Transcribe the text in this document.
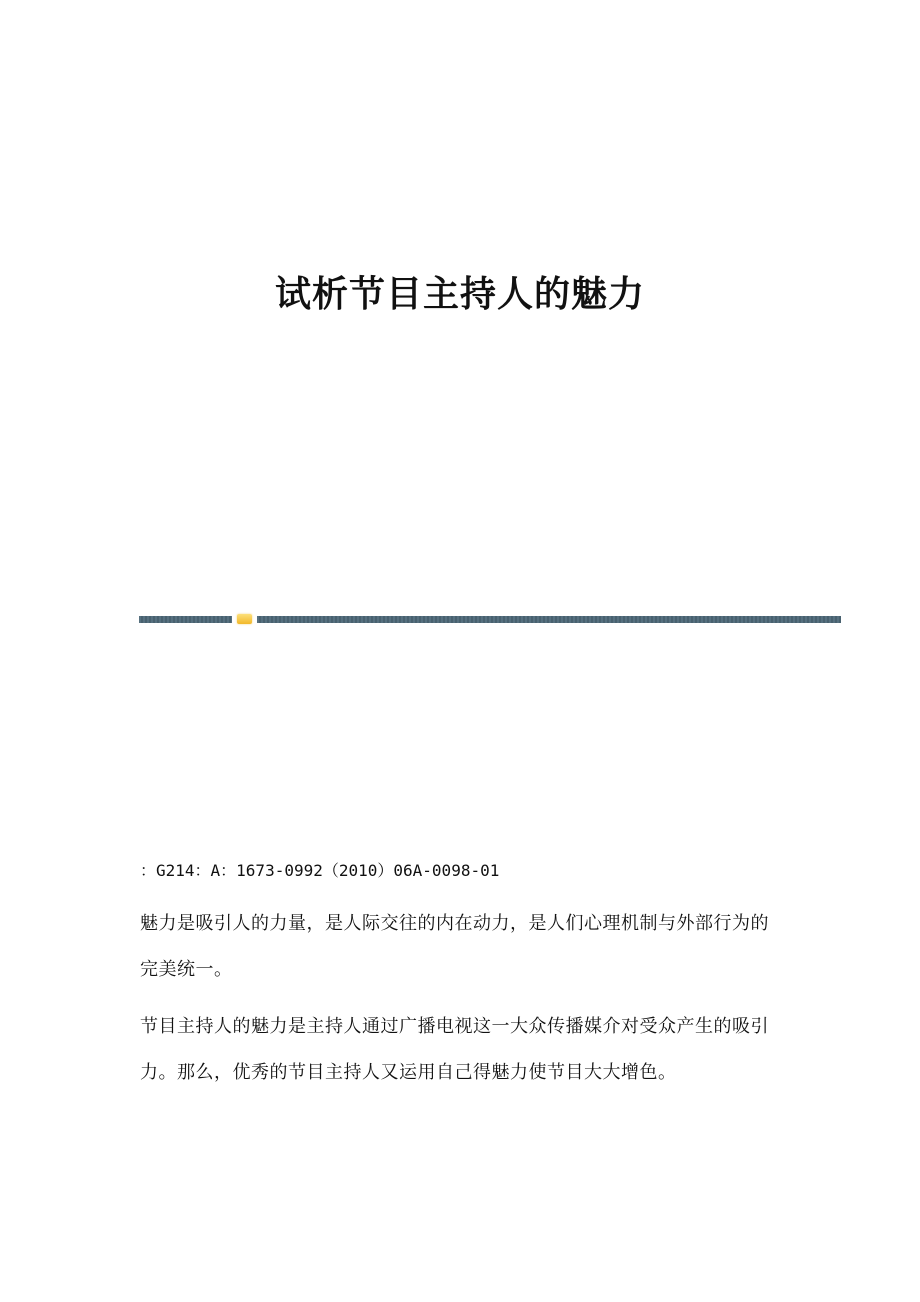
试析节目主持人的魅力
：G214：A：1673-0992（2010）06A-0098-01

魅力是吸引人的力量，是人际交往的内在动力，是人们心理机制与外部行为的完美统一。

节目主持人的魅力是主持人通过广播电视这一大众传播媒介对受众产生的吸引力。那么，优秀的节目主持人又运用自己得魅力使节目大大增色。
